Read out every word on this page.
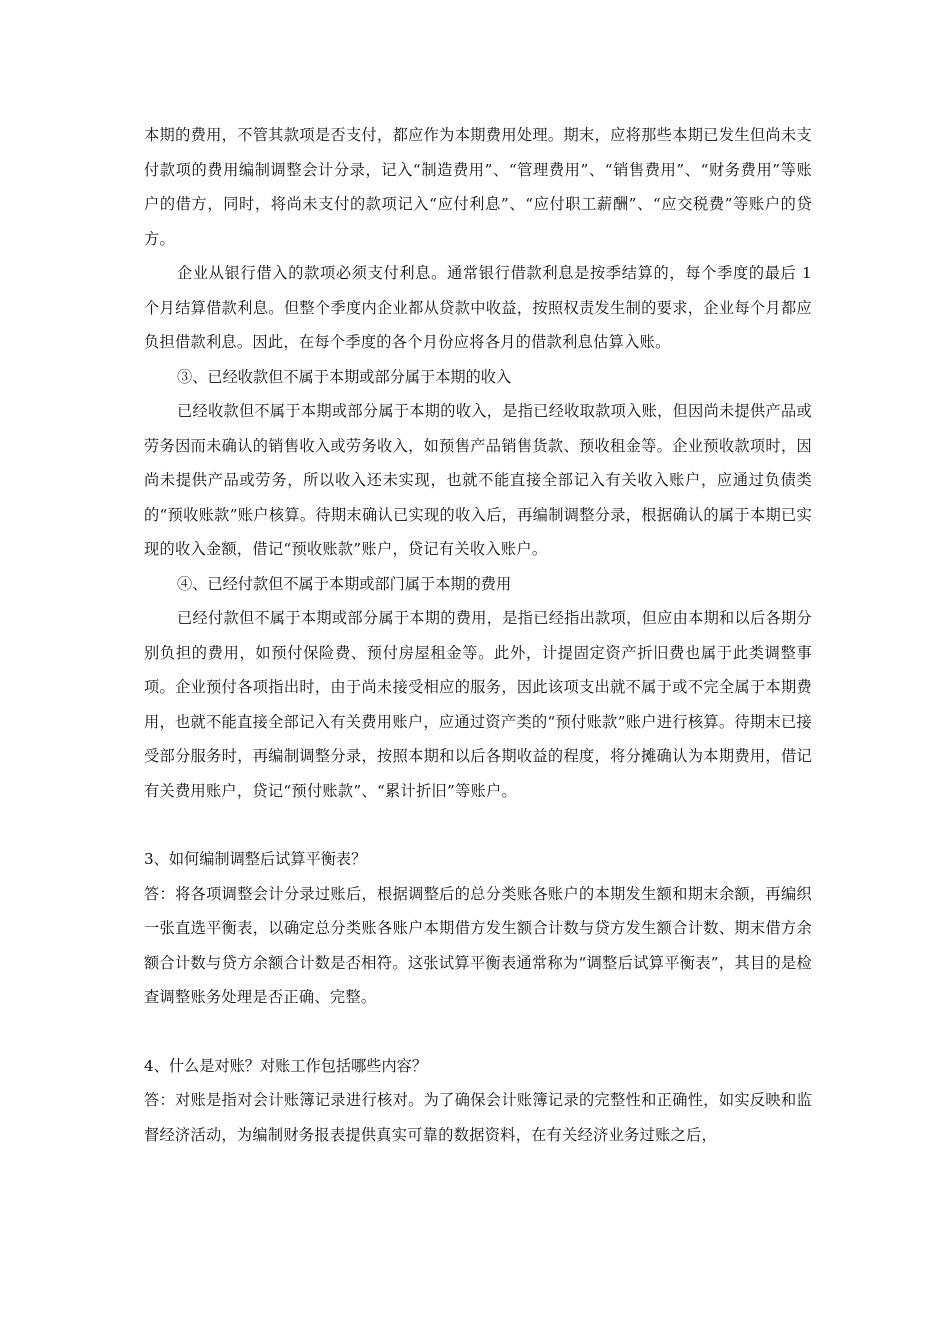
本期的费用，不管其款项是否支付，都应作为本期费用处理。期末，应将那些本期已发生但尚未支付款项的费用编制调整会计分录，记入“制造费用”、“管理费用”、“销售费用”、“财务费用”等账户的借方，同时，将尚未支付的款项记入“应付利息”、“应付职工薪酬”、“应交税费”等账户的贷方。

企业从银行借入的款项必须支付利息。通常银行借款利息是按季结算的，每个季度的最后 1 个月结算借款利息。但整个季度内企业都从贷款中收益，按照权责发生制的要求，企业每个月都应负担借款利息。因此，在每个季度的各个月份应将各月的借款利息估算入账。

③、已经收款但不属于本期或部分属于本期的收入

已经收款但不属于本期或部分属于本期的收入，是指已经收取款项入账，但因尚未提供产品或劳务因而未确认的销售收入或劳务收入，如预售产品销售货款、预收租金等。企业预收款项时，因尚未提供产品或劳务，所以收入还未实现，也就不能直接全部记入有关收入账户，应通过负债类的“预收账款”账户核算。待期末确认已实现的收入后，再编制调整分录，根据确认的属于本期已实现的收入金额，借记“预收账款”账户，贷记有关收入账户。

④、已经付款但不属于本期或部门属于本期的费用

已经付款但不属于本期或部分属于本期的费用，是指已经指出款项，但应由本期和以后各期分别负担的费用，如预付保险费、预付房屋租金等。此外，计提固定资产折旧费也属于此类调整事项。企业预付各项指出时，由于尚未接受相应的服务，因此该项支出就不属于或不完全属于本期费用，也就不能直接全部记入有关费用账户，应通过资产类的“预付账款”账户进行核算。待期末已接受部分服务时，再编制调整分录，按照本期和以后各期收益的程度，将分摊确认为本期费用，借记有关费用账户，贷记“预付账款”、“累计折旧”等账户。

3、如何编制调整后试算平衡表？

答：将各项调整会计分录过账后，根据调整后的总分类账各账户的本期发生额和期末余额，再编织一张直选平衡表，以确定总分类账各账户本期借方发生额合计数与贷方发生额合计数、期末借方余额合计数与贷方余额合计数是否相符。这张试算平衡表通常称为“调整后试算平衡表”，其目的是检查调整账务处理是否正确、完整。

4、什么是对账？对账工作包括哪些内容？

答：对账是指对会计账簿记录进行核对。为了确保会计账簿记录的完整性和正确性，如实反映和监督经济活动，为编制财务报表提供真实可靠的数据资料，在有关经济业务过账之后，
